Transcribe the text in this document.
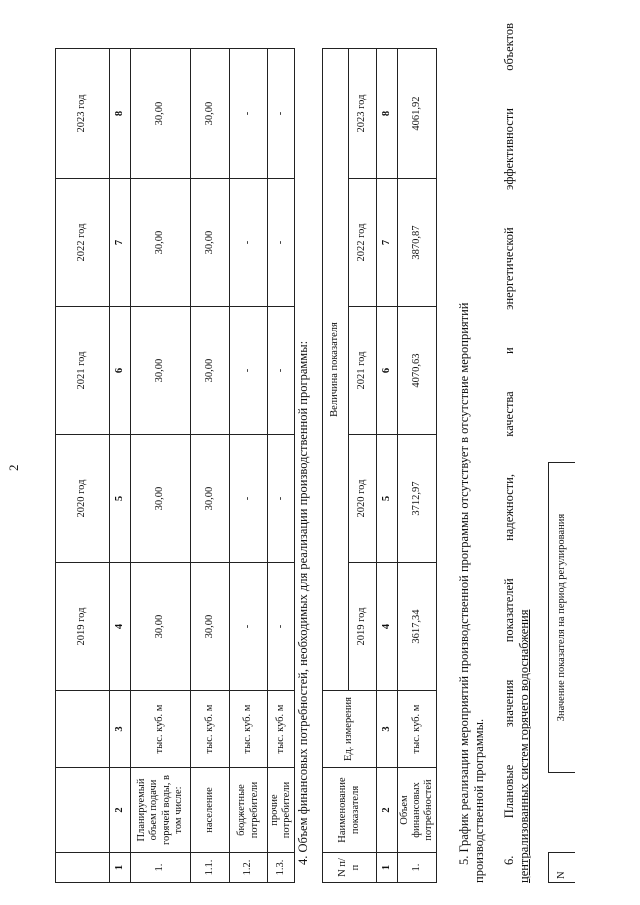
2
			2019 год	2020 год	2021 год	2022 год	2023 год
1	2	3	4	5	6	7	8
1.	Планируемый объем подачи горячей воды, в том числе:	тыс. куб. м	30,00	30,00	30,00	30,00	30,00
1.1.	население	тыс. куб. м	30,00	30,00	30,00	30,00	30,00
1.2.	бюджетные потребители	тыс. куб. м	-	-	-	-	-
1.3.	прочие потребители	тыс. куб. м	-	-	-	-	-
4. Объем финансовых потребностей, необходимых для реализации производственной программы:
N п/п	Наименование показателя	Ед. измерения	Величина показателя				
			2019 год	2020 год	2021 год	2022 год	2023 год
1	2	3	4	5	6	7	8
1.	Объем финансовых потребностей	тыс. куб. м	3617,34	3712,97	4070,63	3870,87	4061,92
5. График реализации мероприятий производственной программы отсутствует в отсутствие мероприятий производственной программы. 6.
Плановые
значения
показателей
надежности,
качества
и
энергетической
эффективности
объектов
централизованных систем горячего водоснабжения N		Значение показателя на период регулирования
